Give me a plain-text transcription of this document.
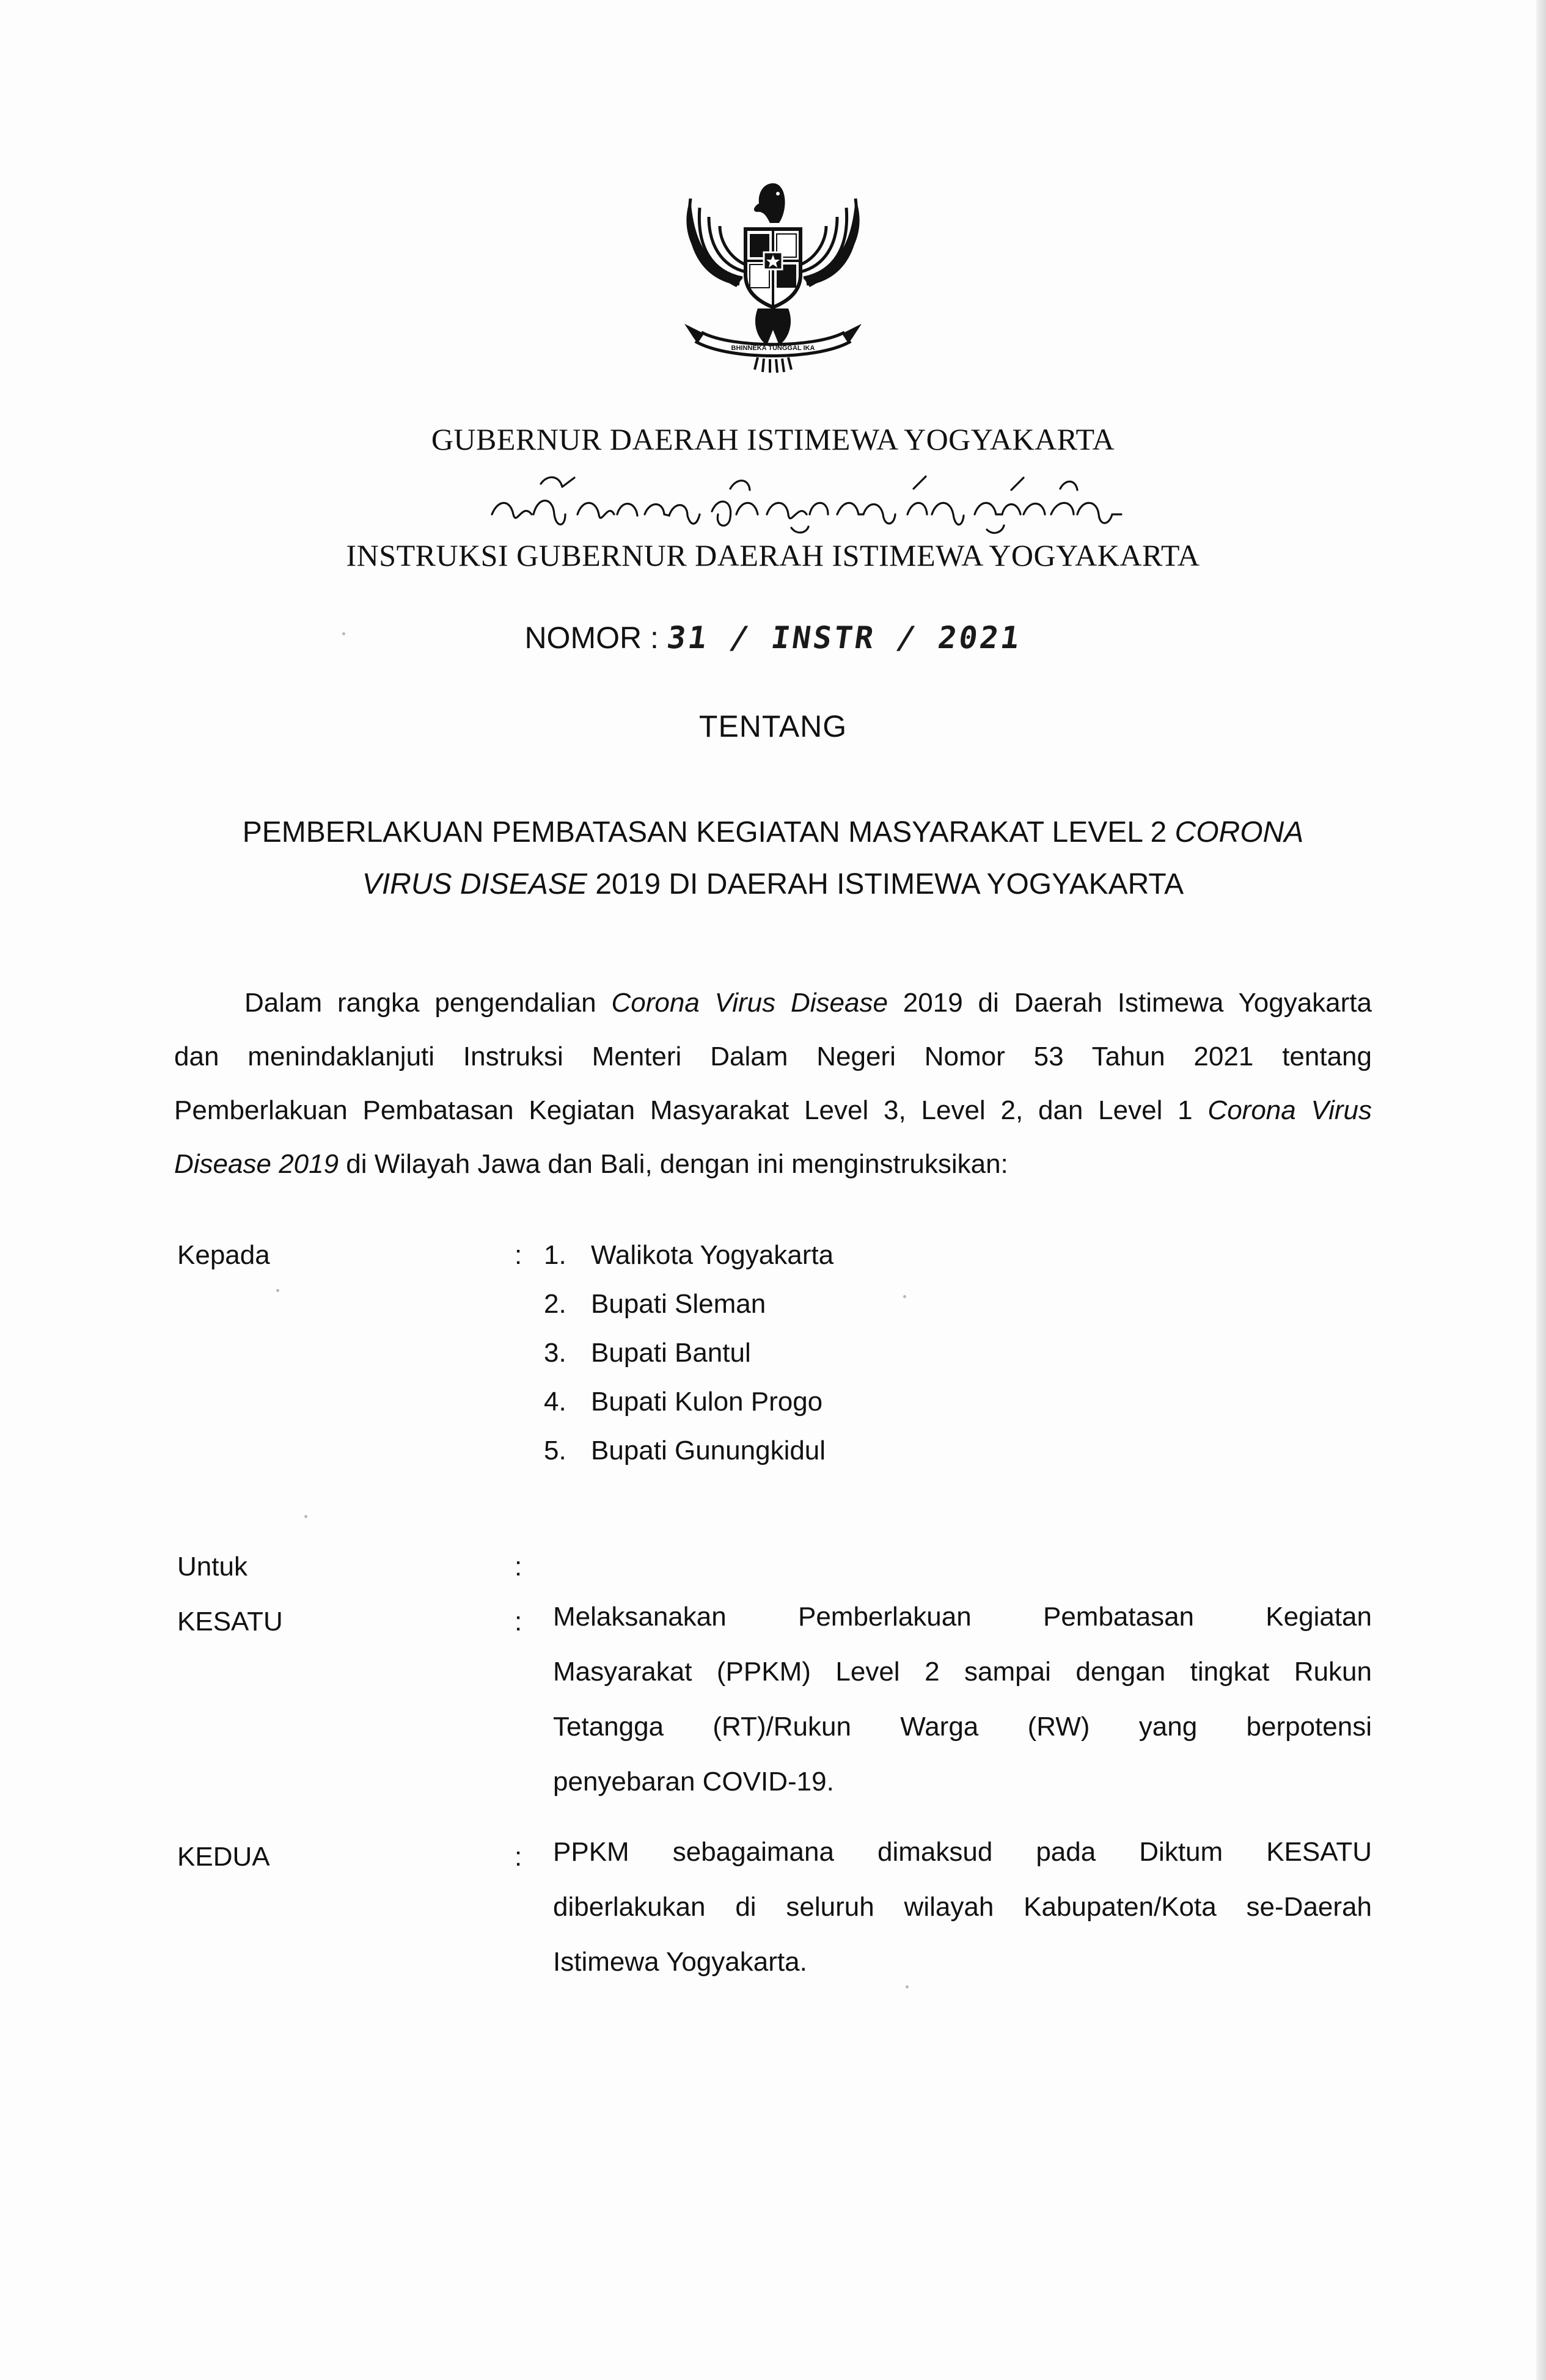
BHINNEKA TUNGGAL IKA
GUBERNUR DAERAH ISTIMEWA YOGYAKARTA
INSTRUKSI GUBERNUR DAERAH ISTIMEWA YOGYAKARTA
NOMOR : 31 / INSTR / 2021
TENTANG
PEMBERLAKUAN PEMBATASAN KEGIATAN MASYARAKAT LEVEL 2 CORONA
VIRUS DISEASE 2019 DI DAERAH ISTIMEWA YOGYAKARTA
Dalam rangka pengendalian Corona Virus Disease 2019 di Daerah Istimewa Yogyakarta
dan menindaklanjuti Instruksi Menteri Dalam Negeri Nomor 53 Tahun 2021 tentang
Pemberlakuan Pembatasan Kegiatan Masyarakat Level 3, Level 2, dan Level 1 Corona Virus
Disease 2019 di Wilayah Jawa dan Bali, dengan ini menginstruksikan:
Kepada	: 1. Walikota Yogyakarta
2. Bupati Sleman
3. Bupati Bantul
4. Bupati Kulon Progo
5. Bupati Gunungkidul
Untuk	:
KESATU	: Melaksanakan Pemberlakuan Pembatasan Kegiatan
Masyarakat (PPKM) Level 2 sampai dengan tingkat Rukun
Tetangga (RT)/Rukun Warga (RW) yang berpotensi
penyebaran COVID-19.
KEDUA	: PPKM sebagaimana dimaksud pada Diktum KESATU
diberlakukan di seluruh wilayah Kabupaten/Kota se-Daerah
Istimewa Yogyakarta.
